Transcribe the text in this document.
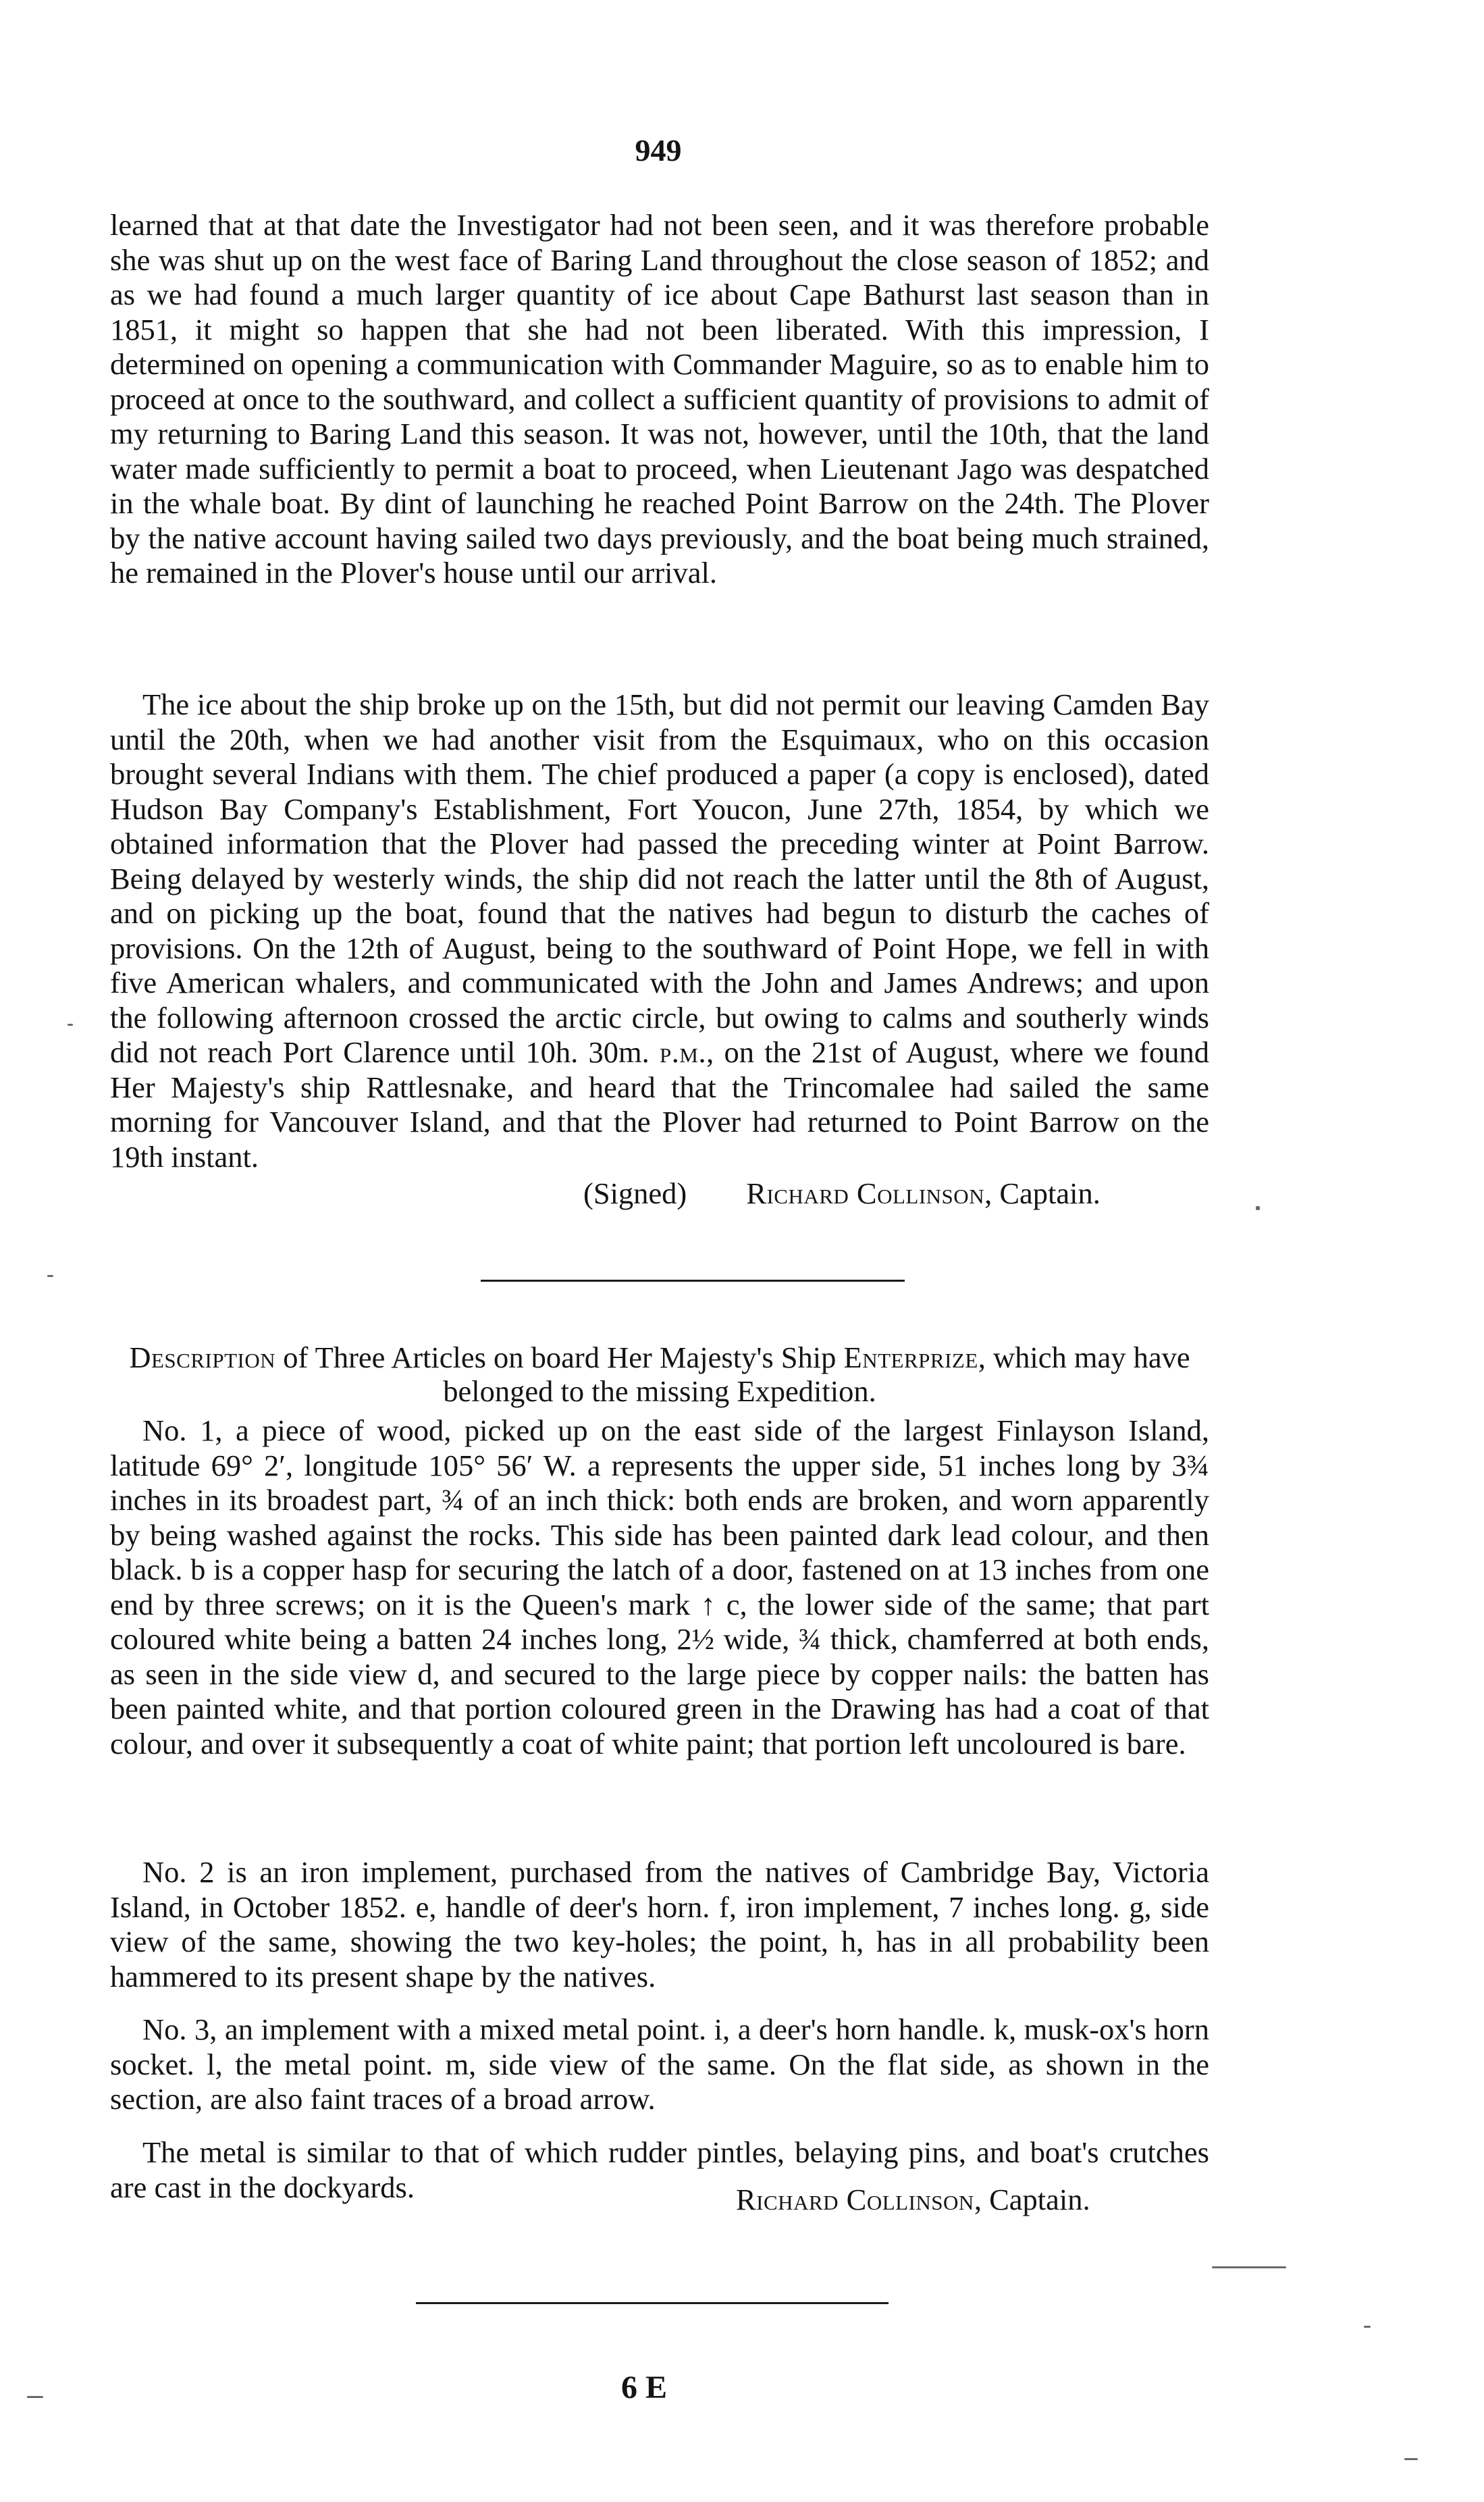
949

learned that at that date the Investigator had not been seen, and it was therefore probable she was shut up on the west face of Baring Land throughout the close season of 1852; and as we had found a much larger quantity of ice about Cape Bathurst last season than in 1851, it might so happen that she had not been liberated. With this impression, I determined on opening a communication with Commander Maguire, so as to enable him to proceed at once to the southward, and collect a sufficient quantity of provisions to admit of my returning to Baring Land this season. It was not, however, until the 10th, that the land water made sufficiently to permit a boat to proceed, when Lieutenant Jago was despatched in the whale boat. By dint of launching he reached Point Barrow on the 24th. The Plover by the native account having sailed two days previously, and the boat being much strained, he remained in the Plover's house until our arrival.

The ice about the ship broke up on the 15th, but did not permit our leaving Camden Bay until the 20th, when we had another visit from the Esquimaux, who on this occasion brought several Indians with them. The chief produced a paper (a copy is enclosed), dated Hudson Bay Company's Establishment, Fort Youcon, June 27th, 1854, by which we obtained information that the Plover had passed the preceding winter at Point Barrow. Being delayed by westerly winds, the ship did not reach the latter until the 8th of August, and on picking up the boat, found that the natives had begun to disturb the caches of provisions. On the 12th of August, being to the southward of Point Hope, we fell in with five American whalers, and communicated with the John and James Andrews; and upon the following afternoon crossed the arctic circle, but owing to calms and southerly winds did not reach Port Clarence until 10h. 30m. p.m., on the 21st of August, where we found Her Majesty's ship Rattlesnake, and heard that the Trincomalee had sailed the same morning for Vancouver Island, and that the Plover had returned to Point Barrow on the 19th instant.

(Signed) Richard Collinson, Captain.
Description of Three Articles on board Her Majesty's Ship Enterprize, which may have belonged to the missing Expedition.

No. 1, a piece of wood, picked up on the east side of the largest Finlayson Island, latitude 69° 2′, longitude 105° 56′ W. a represents the upper side, 51 inches long by 3¾ inches in its broadest part, ¾ of an inch thick: both ends are broken, and worn apparently by being washed against the rocks. This side has been painted dark lead colour, and then black. b is a copper hasp for securing the latch of a door, fastened on at 13 inches from one end by three screws; on it is the Queen's mark ↑ c, the lower side of the same; that part coloured white being a batten 24 inches long, 2½ wide, ¾ thick, chamferred at both ends, as seen in the side view d, and secured to the large piece by copper nails: the batten has been painted white, and that portion coloured green in the Drawing has had a coat of that colour, and over it subsequently a coat of white paint; that portion left uncoloured is bare.

No. 2 is an iron implement, purchased from the natives of Cambridge Bay, Victoria Island, in October 1852. e, handle of deer's horn. f, iron implement, 7 inches long. g, side view of the same, showing the two key-holes; the point, h, has in all probability been hammered to its present shape by the natives.

No. 3, an implement with a mixed metal point. i, a deer's horn handle. k, musk-ox's horn socket. l, the metal point. m, side view of the same. On the flat side, as shown in the section, are also faint traces of a broad arrow.

The metal is similar to that of which rudder pintles, belaying pins, and boat's crutches are cast in the dockyards.	Richard Collinson, Captain.
6 E
